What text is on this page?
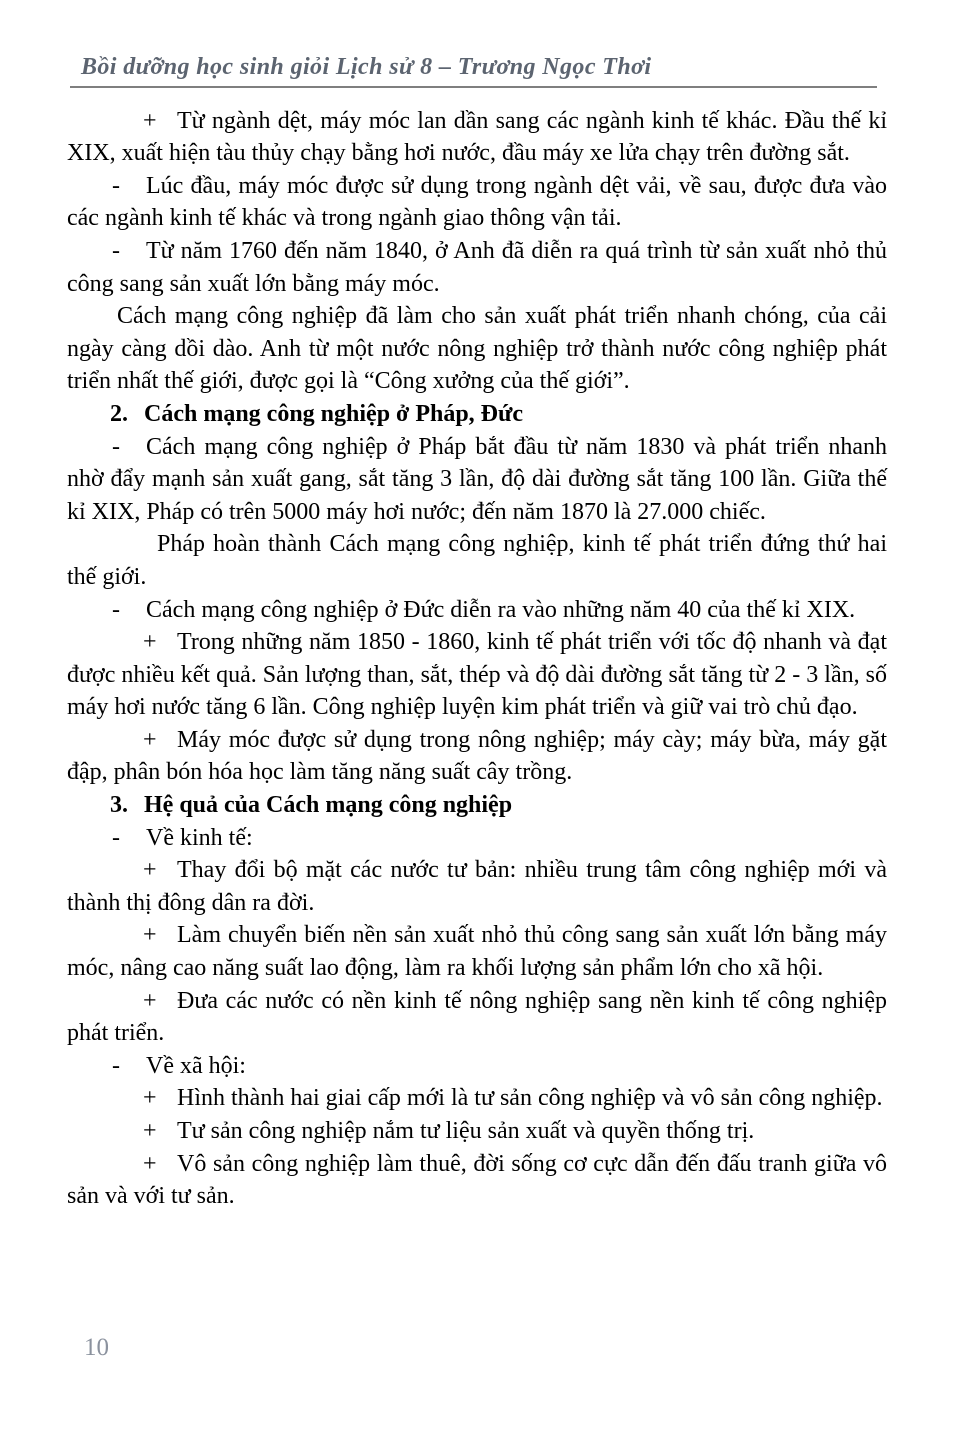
Bồi dưỡng học sinh giỏi Lịch sử 8 – Trương Ngọc Thơi

+ Từ ngành dệt, máy móc lan dần sang các ngành kinh tế khác. Đầu thế kỉ XIX, xuất hiện tàu thủy chạy bằng hơi nước, đầu máy xe lửa chạy trên đường sắt.

- Lúc đầu, máy móc được sử dụng trong ngành dệt vải, về sau, được đưa vào các ngành kinh tế khác và trong ngành giao thông vận tải.

- Từ năm 1760 đến năm 1840, ở Anh đã diễn ra quá trình từ sản xuất nhỏ thủ công sang sản xuất lớn bằng máy móc.

Cách mạng công nghiệp đã làm cho sản xuất phát triển nhanh chóng, của cải ngày càng dồi dào. Anh từ một nước nông nghiệp trở thành nước công nghiệp phát triển nhất thế giới, được gọi là “Công xưởng của thế giới”.

2. Cách mạng công nghiệp ở Pháp, Đức

- Cách mạng công nghiệp ở Pháp bắt đầu từ năm 1830 và phát triển nhanh nhờ đẩy mạnh sản xuất gang, sắt tăng 3 lần, độ dài đường sắt tăng 100 lần. Giữa thế kỉ XIX, Pháp có trên 5000 máy hơi nước; đến năm 1870 là 27.000 chiếc.

Pháp hoàn thành Cách mạng công nghiệp, kinh tế phát triển đứng thứ hai thế giới.

- Cách mạng công nghiệp ở Đức diễn ra vào những năm 40 của thế kỉ XIX.

+ Trong những năm 1850 - 1860, kinh tế phát triển với tốc độ nhanh và đạt được nhiều kết quả. Sản lượng than, sắt, thép và độ dài đường sắt tăng từ 2 - 3 lần, số máy hơi nước tăng 6 lần. Công nghiệp luyện kim phát triển và giữ vai trò chủ đạo.

+ Máy móc được sử dụng trong nông nghiệp; máy cày; máy bừa, máy gặt đập, phân bón hóa học làm tăng năng suất cây trồng.

3. Hệ quả của Cách mạng công nghiệp

- Về kinh tế:

+ Thay đổi bộ mặt các nước tư bản: nhiều trung tâm công nghiệp mới và thành thị đông dân ra đời.

+ Làm chuyển biến nền sản xuất nhỏ thủ công sang sản xuất lớn bằng máy móc, nâng cao năng suất lao động, làm ra khối lượng sản phẩm lớn cho xã hội.

+ Đưa các nước có nền kinh tế nông nghiệp sang nền kinh tế công nghiệp phát triển.

- Về xã hội:

+ Hình thành hai giai cấp mới là tư sản công nghiệp và vô sản công nghiệp.

+ Tư sản công nghiệp nắm tư liệu sản xuất và quyền thống trị.

+ Vô sản công nghiệp làm thuê, đời sống cơ cực dẫn đến đấu tranh giữa vô sản và với tư sản.

10
